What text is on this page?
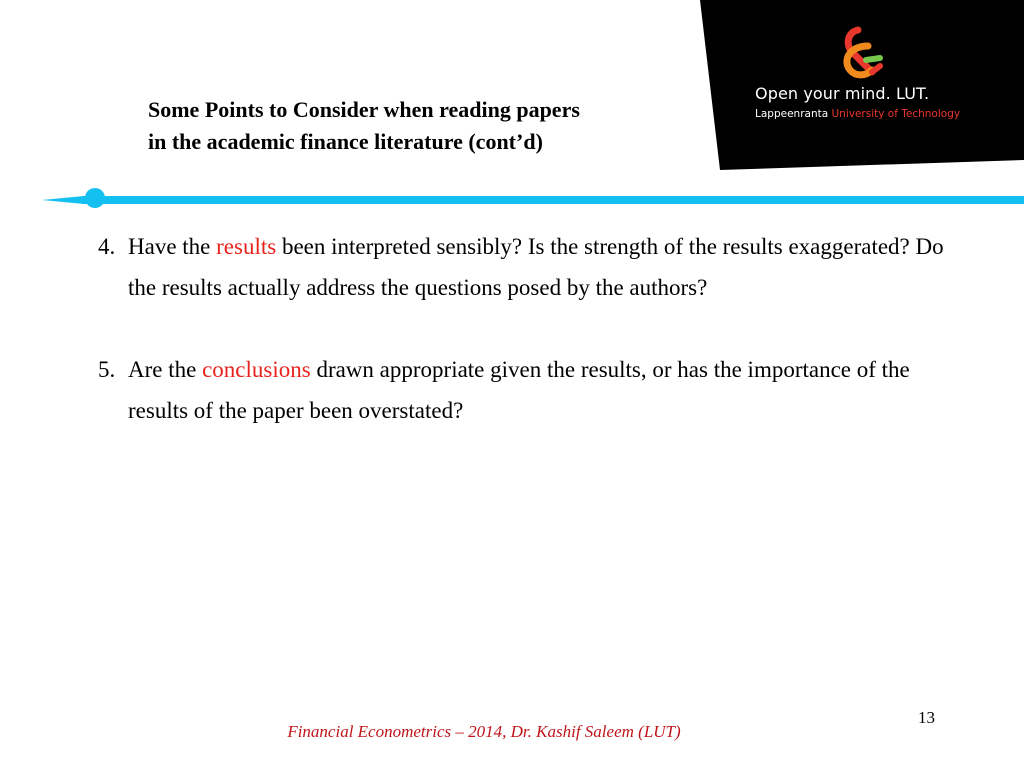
Open your mind. LUT.
Lappeenranta University of Technology
Some Points to Consider when reading papers
in the academic finance literature (cont’d)
4. Have the results been interpreted sensibly? Is the strength of the results exaggerated? Do the results actually address the questions posed by the authors?
5. Are the conclusions drawn appropriate given the results, or has the importance of the results of the paper been overstated?
13
Financial Econometrics – 2014, Dr. Kashif Saleem (LUT)
